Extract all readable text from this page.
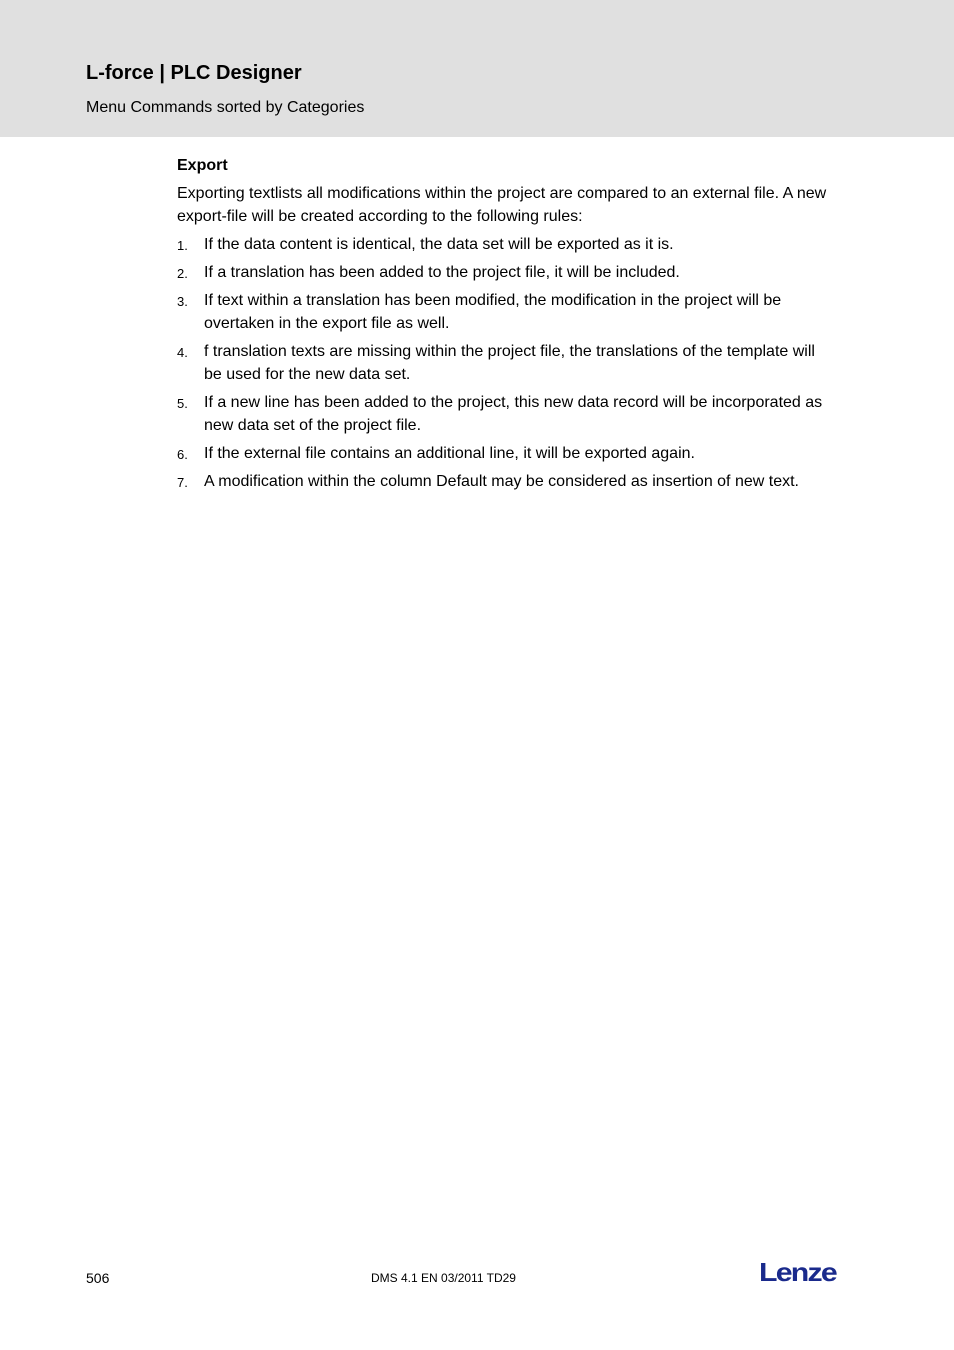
L-force | PLC Designer
Menu Commands sorted by Categories
Export

Exporting textlists all modifications within the project are compared to an external file. A new export-file will be created according to the following rules:

1. If the data content is identical, the data set will be exported as it is.
2. If a translation has been added to the project file, it will be included.
3. If text within a translation has been modified, the modification in the project will be overtaken in the export file as well.
4. f translation texts are missing within the project file, the translations of the template will be used for the new data set.
5. If a new line has been added to the project, this new data record will be incorporated as new data set of the project file.
6. If the external file contains an additional line, it will be exported again.
7. A modification within the column Default may be considered as insertion of new text.
506	DMS 4.1 EN 03/2011 TD29	Lenze
